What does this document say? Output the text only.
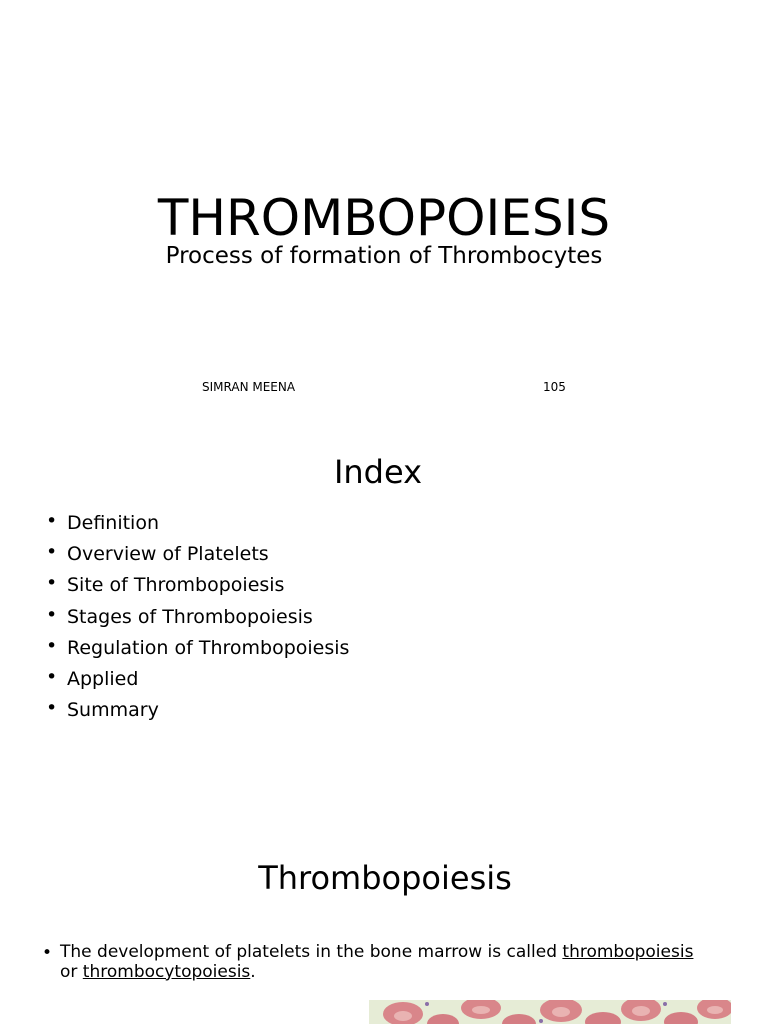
THROMBOPOIESIS
Process of formation of Thrombocytes
SIMRAN MEENA	105
Index
• Definition
• Overview of Platelets
• Site of Thrombopoiesis
• Stages of Thrombopoiesis
• Regulation of Thrombopoiesis
• Applied
• Summary
Thrombopoiesis
• The development of platelets in the bone marrow is called thrombopoiesis
or thrombocytopoiesis.
